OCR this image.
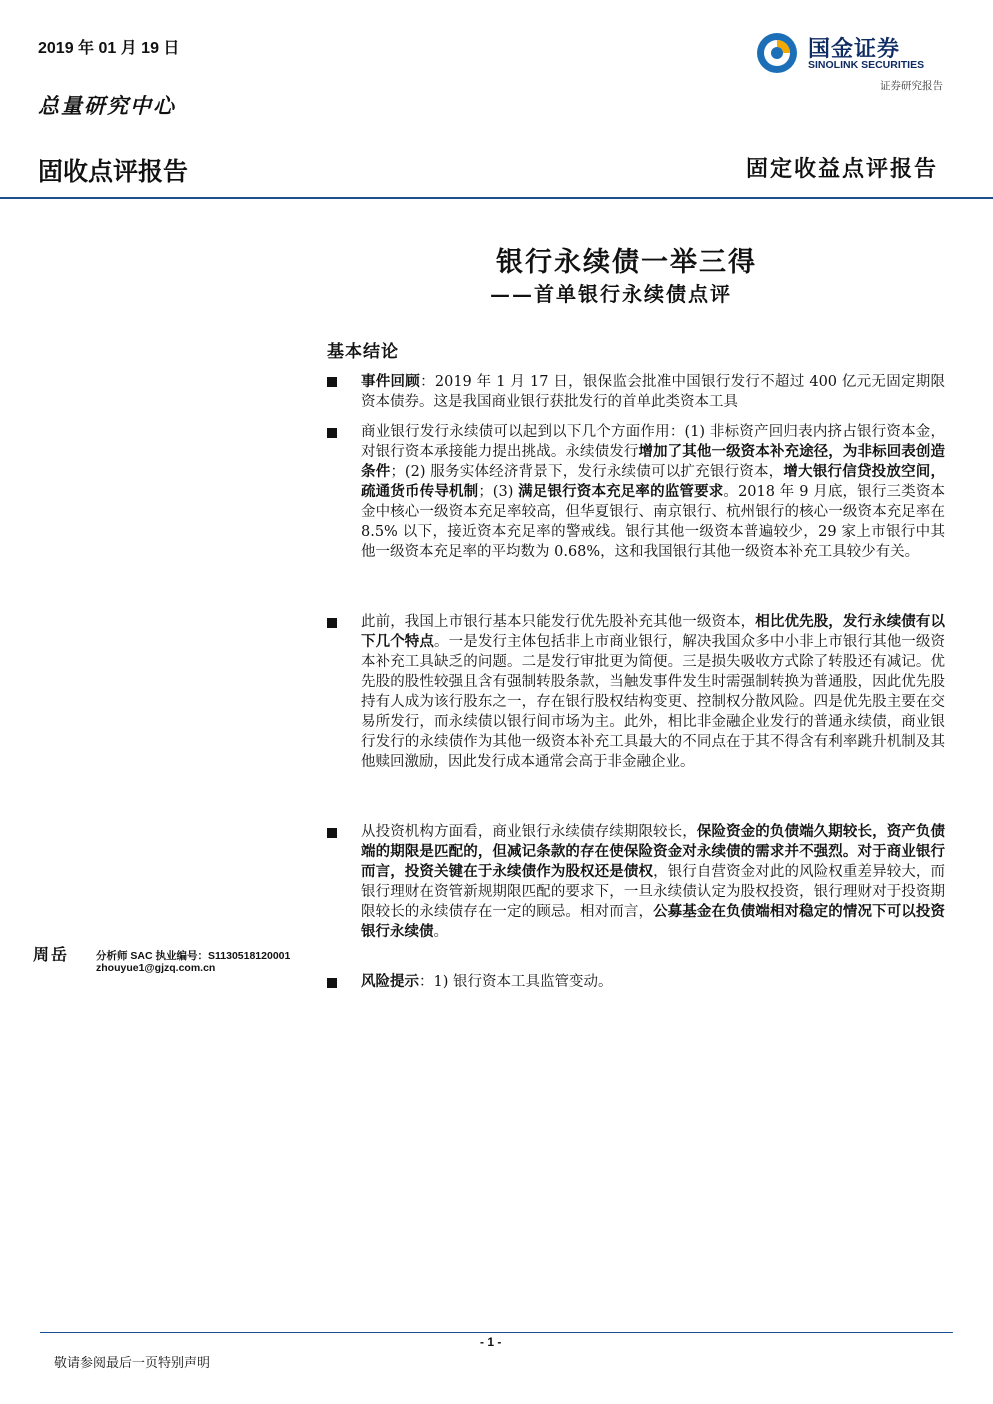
2019 年 01 月 19 日
总量研究中心
国金证券
SINOLINK SECURITIES
证券研究报告
固收点评报告	固定收益点评报告
银行永续债一举三得
——首单银行永续债点评
基本结论
事件回顾：2019 年 1 月 17 日，银保监会批准中国银行发行不超过 400 亿元无固定期限资本债券。这是我国商业银行获批发行的首单此类资本工具
商业银行发行永续债可以起到以下几个方面作用：(1) 非标资产回归表内挤占银行资本金，对银行资本承接能力提出挑战。永续债发行增加了其他一级资本补充途径，为非标回表创造条件；(2) 服务实体经济背景下，发行永续债可以扩充银行资本，增大银行信贷投放空间，疏通货币传导机制；(3) 满足银行资本充足率的监管要求。2018 年 9 月底，银行三类资本金中核心一级资本充足率较高，但华夏银行、南京银行、杭州银行的核心一级资本充足率在 8.5% 以下，接近资本充足率的警戒线。银行其他一级资本普遍较少，29 家上市银行中其他一级资本充足率的平均数为 0.68%，这和我国银行其他一级资本补充工具较少有关。
此前，我国上市银行基本只能发行优先股补充其他一级资本，相比优先股，发行永续债有以下几个特点。一是发行主体包括非上市商业银行，解决我国众多中小非上市银行其他一级资本补充工具缺乏的问题。二是发行审批更为简便。三是损失吸收方式除了转股还有减记。优先股的股性较强且含有强制转股条款，当触发事件发生时需强制转换为普通股，因此优先股持有人成为该行股东之一，存在银行股权结构变更、控制权分散风险。四是优先股主要在交易所发行，而永续债以银行间市场为主。此外，相比非金融企业发行的普通永续债，商业银行发行的永续债作为其他一级资本补充工具最大的不同点在于其不得含有利率跳升机制及其他赎回激励，因此发行成本通常会高于非金融企业。
从投资机构方面看，商业银行永续债存续期限较长，保险资金的负债端久期较长，资产负债端的期限是匹配的，但减记条款的存在使保险资金对永续债的需求并不强烈。对于商业银行而言，投资关键在于永续债作为股权还是债权，银行自营资金对此的风险权重差异较大，而银行理财在资管新规期限匹配的要求下，一旦永续债认定为股权投资，银行理财对于投资期限较长的永续债存在一定的顾忌。相对而言，公募基金在负债端相对稳定的情况下可以投资银行永续债。
风险提示：1) 银行资本工具监管变动。
周岳	分析师 SAC 执业编号：S1130518120001
zhouyue1@gjzq.com.cn
- 1 -
敬请参阅最后一页特别声明
